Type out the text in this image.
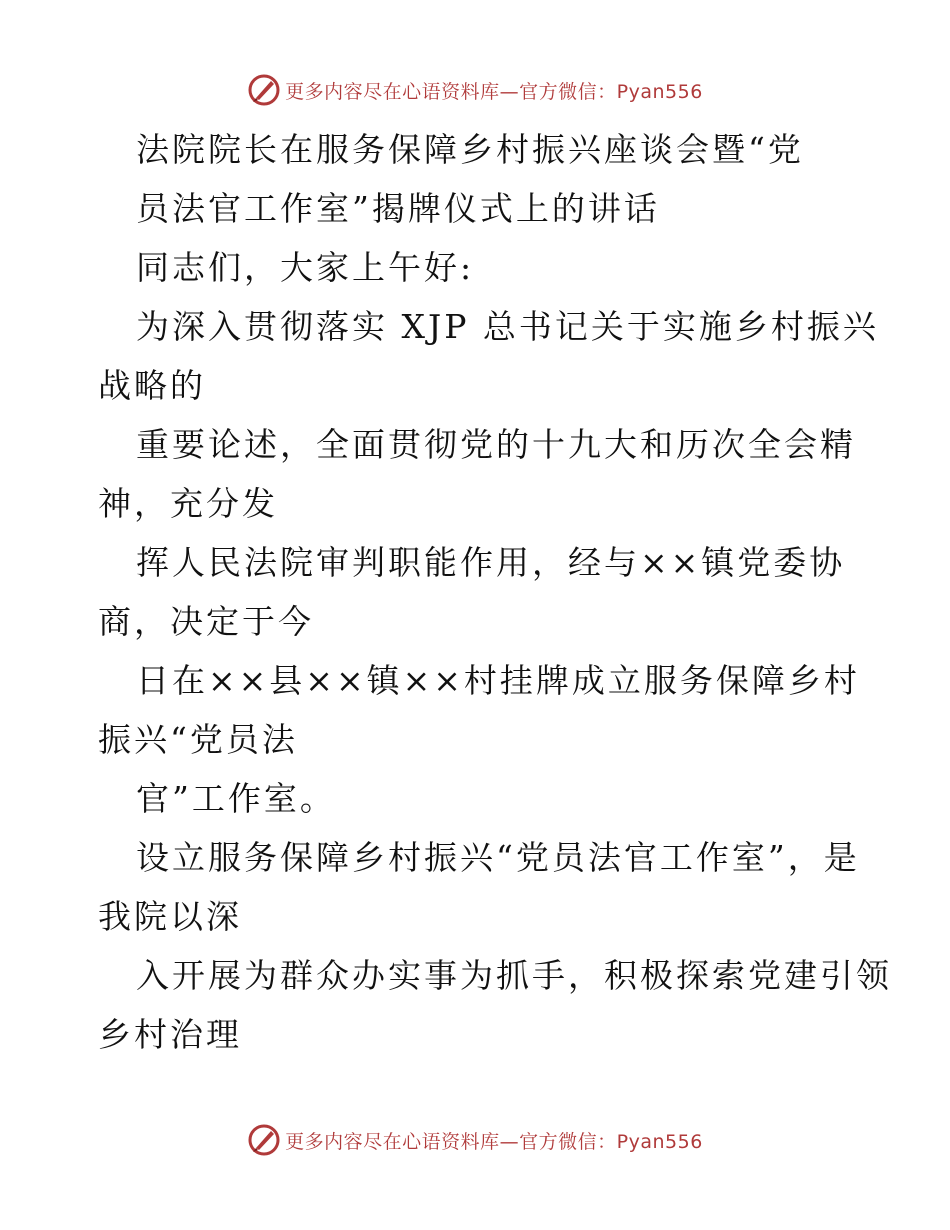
更多内容尽在心语资料库—官方微信：Pyan556
法院院长在服务保障乡村振兴座谈会暨“党
员法官工作室”揭牌仪式上的讲话
同志们，大家上午好:
为深入贯彻落实 XJP 总书记关于实施乡村振兴
战略的
重要论述，全面贯彻党的十九大和历次全会精
神，充分发
挥人民法院审判职能作用，经与××镇党委协
商，决定于今
日在××县××镇××村挂牌成立服务保障乡村
振兴“党员法
官”工作室。
设立服务保障乡村振兴“党员法官工作室”，是
我院以深
入开展为群众办实事为抓手，积极探索党建引领
乡村治理
更多内容尽在心语资料库—官方微信：Pyan556
